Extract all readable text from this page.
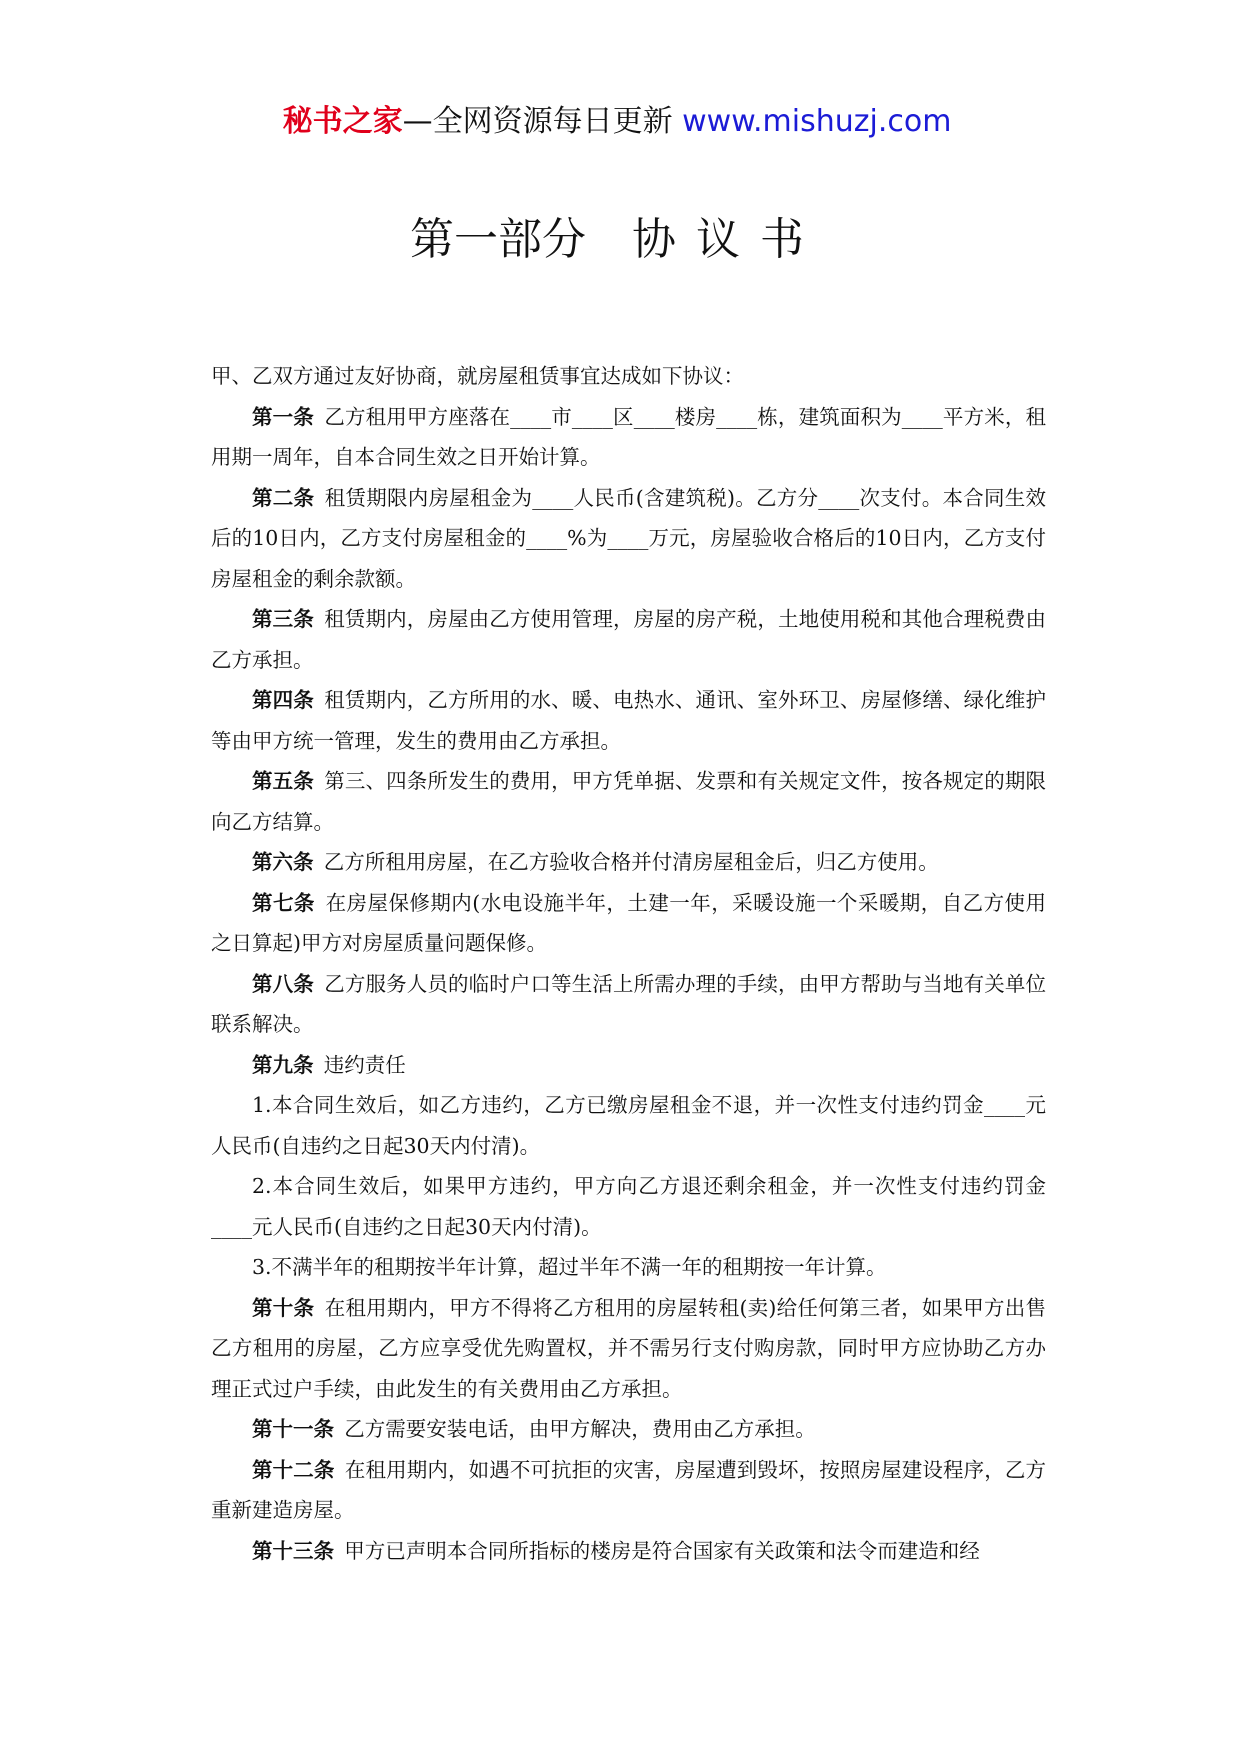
秘书之家—全网资源每日更新 www.mishuzj.com
第一部分 协议书

甲、乙双方通过友好协商，就房屋租赁事宜达成如下协议：

第一条  乙方租用甲方座落在____市____区____楼房____栋，建筑面积为____平方米，租用期一周年，自本合同生效之日开始计算。

第二条  租赁期限内房屋租金为____人民币(含建筑税)。乙方分____次支付。本合同生效后的10日内，乙方支付房屋租金的____%为____万元，房屋验收合格后的10日内，乙方支付房屋租金的剩余款额。

第三条  租赁期内，房屋由乙方使用管理，房屋的房产税，土地使用税和其他合理税费由乙方承担。

第四条  租赁期内，乙方所用的水、暖、电热水、通讯、室外环卫、房屋修缮、绿化维护等由甲方统一管理，发生的费用由乙方承担。

第五条  第三、四条所发生的费用，甲方凭单据、发票和有关规定文件，按各规定的期限向乙方结算。

第六条  乙方所租用房屋，在乙方验收合格并付清房屋租金后，归乙方使用。

第七条  在房屋保修期内(水电设施半年，土建一年，采暖设施一个采暖期，自乙方使用之日算起)甲方对房屋质量问题保修。

第八条  乙方服务人员的临时户口等生活上所需办理的手续，由甲方帮助与当地有关单位联系解决。

第九条  违约责任

1.本合同生效后，如乙方违约，乙方已缴房屋租金不退，并一次性支付违约罚金____元人民币(自违约之日起30天内付清)。

2.本合同生效后，如果甲方违约，甲方向乙方退还剩余租金，并一次性支付违约罚金____元人民币(自违约之日起30天内付清)。

3.不满半年的租期按半年计算，超过半年不满一年的租期按一年计算。

第十条  在租用期内，甲方不得将乙方租用的房屋转租(卖)给任何第三者，如果甲方出售乙方租用的房屋，乙方应享受优先购置权，并不需另行支付购房款，同时甲方应协助乙方办理正式过户手续，由此发生的有关费用由乙方承担。

第十一条  乙方需要安装电话，由甲方解决，费用由乙方承担。

第十二条  在租用期内，如遇不可抗拒的灾害，房屋遭到毁坏，按照房屋建设程序，乙方重新建造房屋。

第十三条  甲方已声明本合同所指标的楼房是符合国家有关政策和法令而建造和经
